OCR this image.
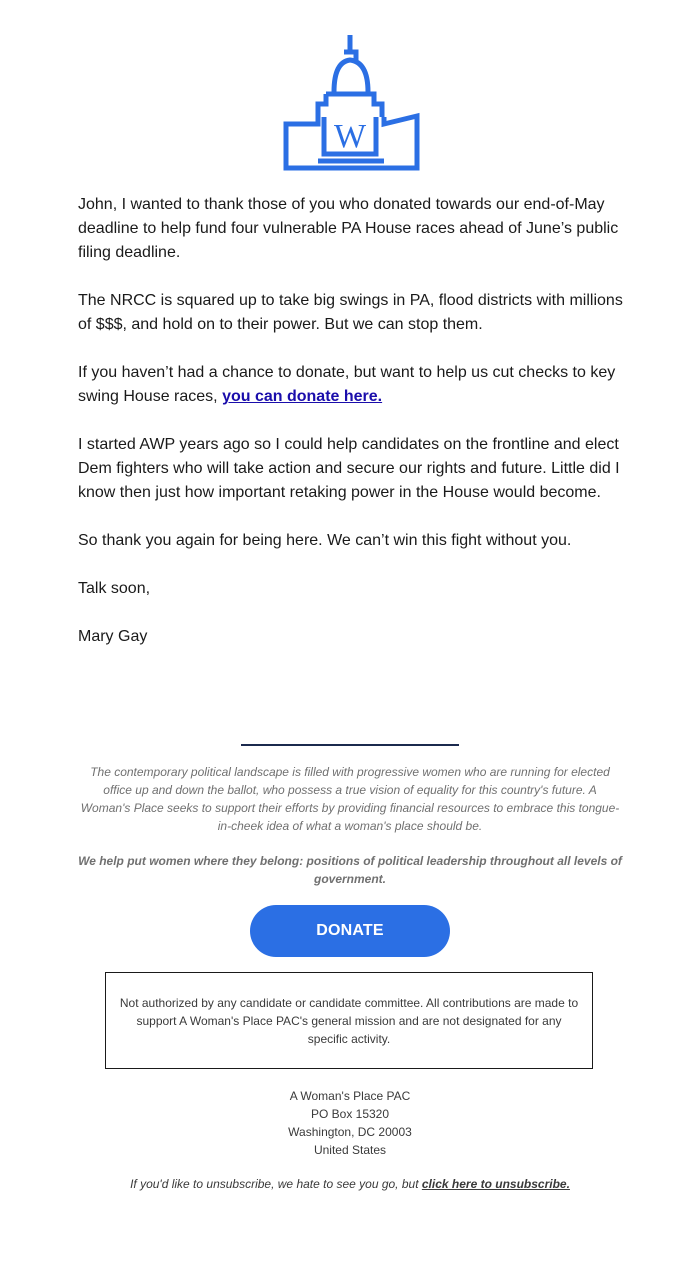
W

John, I wanted to thank those of you who donated towards our end-of-May deadline to help fund four vulnerable PA House races ahead of June’s public filing deadline.

The NRCC is squared up to take big swings in PA, flood districts with millions of $$$, and hold on to their power. But we can stop them.

If you haven’t had a chance to donate, but want to help us cut checks to key swing House races, you can donate here.

I started AWP years ago so I could help candidates on the frontline and elect Dem fighters who will take action and secure our rights and future. Little did I know then just how important retaking power in the House would become.

So thank you again for being here. We can’t win this fight without you.

Talk soon,

Mary Gay

The contemporary political landscape is filled with progressive women who are running for elected office up and down the ballot, who possess a true vision of equality for this country's future. A Woman's Place seeks to support their efforts by providing financial resources to embrace this tongue-in-cheek idea of what a woman's place should be.

We help put women where they belong: positions of political leadership throughout all levels of government.

DONATE

Not authorized by any candidate or candidate committee. All contributions are made to support A Woman's Place PAC's general mission and are not designated for any specific activity.

A Woman's Place PAC
PO Box 15320
Washington, DC 20003
United States

If you'd like to unsubscribe, we hate to see you go, but click here to unsubscribe.
